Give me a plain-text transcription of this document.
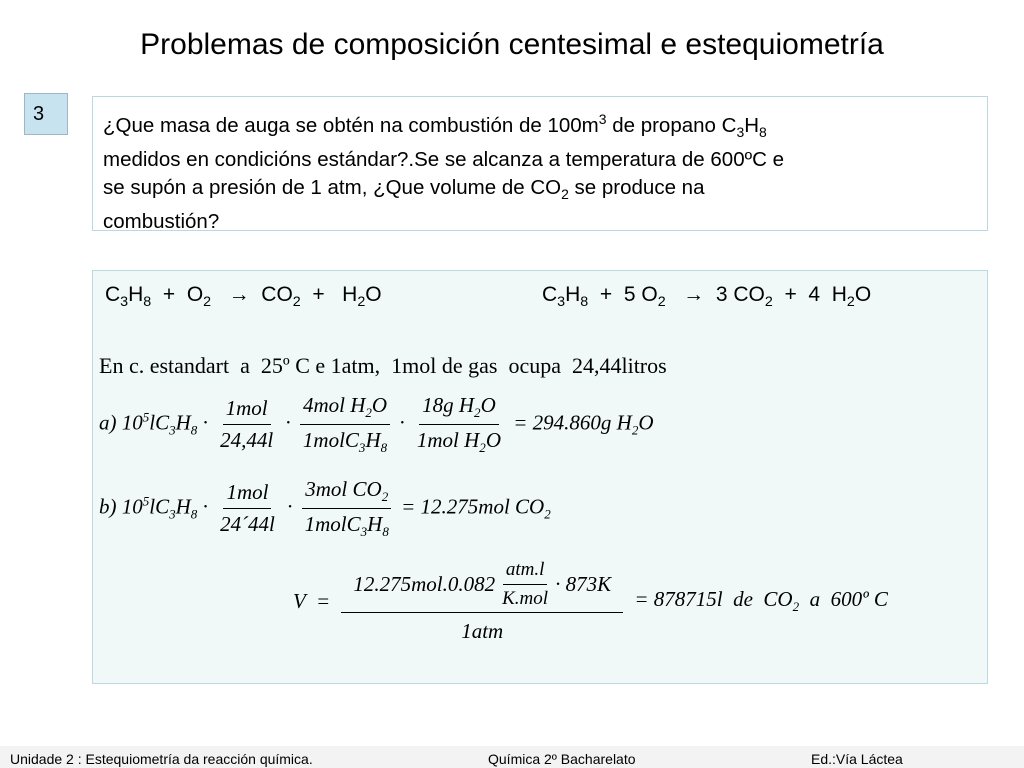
Problemas de composición centesimal e estequiometría
3	¿Que masa de auga se obtén na combustión de $100m^3$ de propano $C_3H_8$
medidos en condicións estándar?.Se se alcanza a temperatura de 600ºC e
se supón a presión de 1 atm, ¿Que volume de $CO_2$ se produce na
combustión?
$C_3H_8 + O_2 \to CO_2 + H_2O$	$C_3H_8 + 5$ $O_2 \to 3$ $CO_2 + 4$  $H_2O$
En c. estandart  a  25º C e 1atm,  1mol de gas  ocupa  24,44litros
a) $10^5lC_3H_8 \cdot \frac{\text{1mol}}{24,44l} \cdot \frac{4mol H_2O}{1molC_3H_8} \cdot \frac{18g H_2O}{1mol H_2O} = 294.860g$ $H_2O$
b) $10^5lC_3H_8 \cdot \frac{\text{1mol}}{24´44l} \cdot \frac{3mol CO_2}{1molC_3H_8} = 12.275mol$ $CO_2$
$V = \frac{12.275mol.0.082 \frac{\text{atm.l}}{\text{K.mol}} \cdot 873K}{\text{1atm}} = 878715l$  de  $CO_2$  a  600º C
Unidade 2 : Estequiometría da reacción química.	Química 2º Bacharelato	Ed.:Vía Láctea
